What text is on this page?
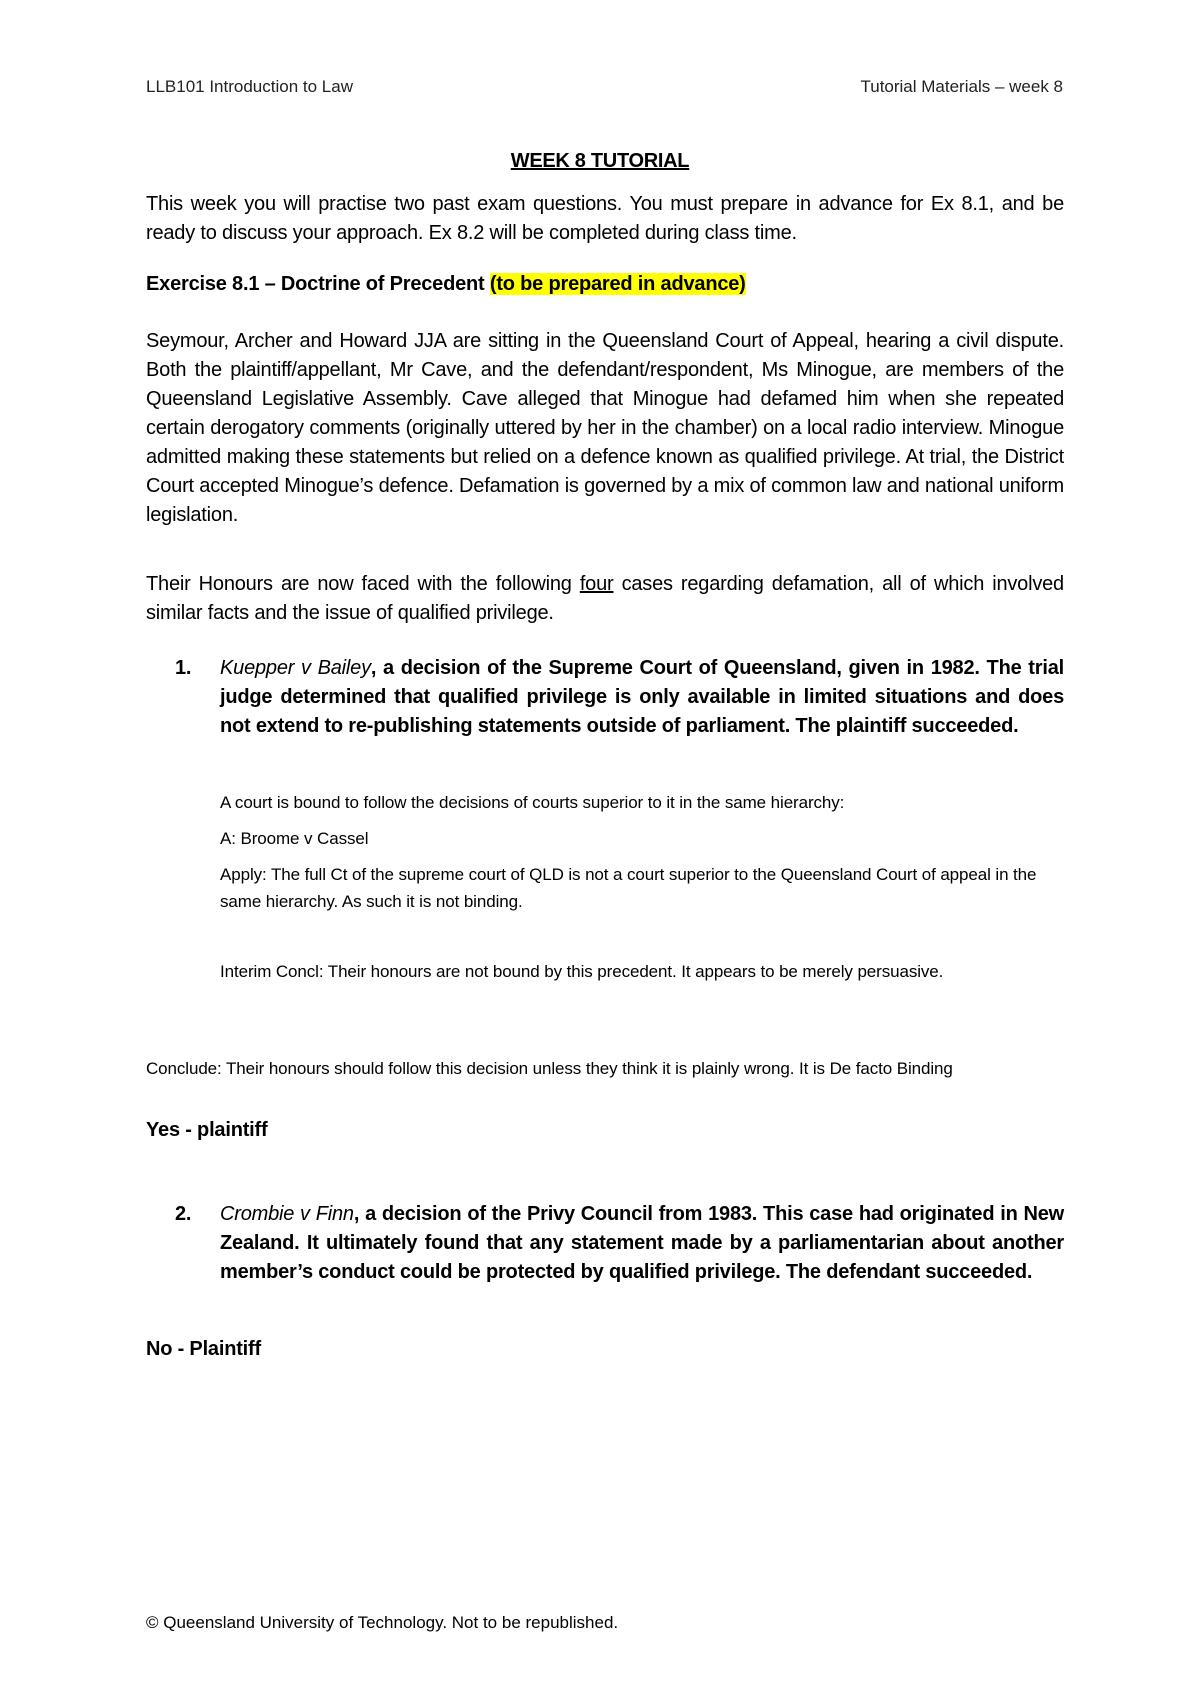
LLB101 Introduction to Law	Tutorial Materials – week 8
WEEK 8 TUTORIAL
This week you will practise two past exam questions. You must prepare in advance for Ex 8.1, and be ready to discuss your approach. Ex 8.2 will be completed during class time.
Exercise 8.1 – Doctrine of Precedent (to be prepared in advance)
Seymour, Archer and Howard JJA are sitting in the Queensland Court of Appeal, hearing a civil dispute. Both the plaintiff/appellant, Mr Cave, and the defendant/respondent, Ms Minogue, are members of the Queensland Legislative Assembly. Cave alleged that Minogue had defamed him when she repeated certain derogatory comments (originally uttered by her in the chamber) on a local radio interview. Minogue admitted making these statements but relied on a defence known as qualified privilege. At trial, the District Court accepted Minogue’s defence. Defamation is governed by a mix of common law and national uniform legislation.
Their Honours are now faced with the following four cases regarding defamation, all of which involved similar facts and the issue of qualified privilege.
1. Kuepper v Bailey, a decision of the Supreme Court of Queensland, given in 1982. The trial judge determined that qualified privilege is only available in limited situations and does not extend to re-publishing statements outside of parliament. The plaintiff succeeded.
A court is bound to follow the decisions of courts superior to it in the same hierarchy:
A: Broome v Cassel
Apply: The full Ct of the supreme court of QLD is not a court superior to the Queensland Court of appeal in the same hierarchy. As such it is not binding.
Interim Concl: Their honours are not bound by this precedent. It appears to be merely persuasive.
Conclude: Their honours should follow this decision unless they think it is plainly wrong. It is De facto Binding
Yes - plaintiff
2. Crombie v Finn, a decision of the Privy Council from 1983. This case had originated in New Zealand. It ultimately found that any statement made by a parliamentarian about another member’s conduct could be protected by qualified privilege. The defendant succeeded.
No - Plaintiff
© Queensland University of Technology. Not to be republished.
